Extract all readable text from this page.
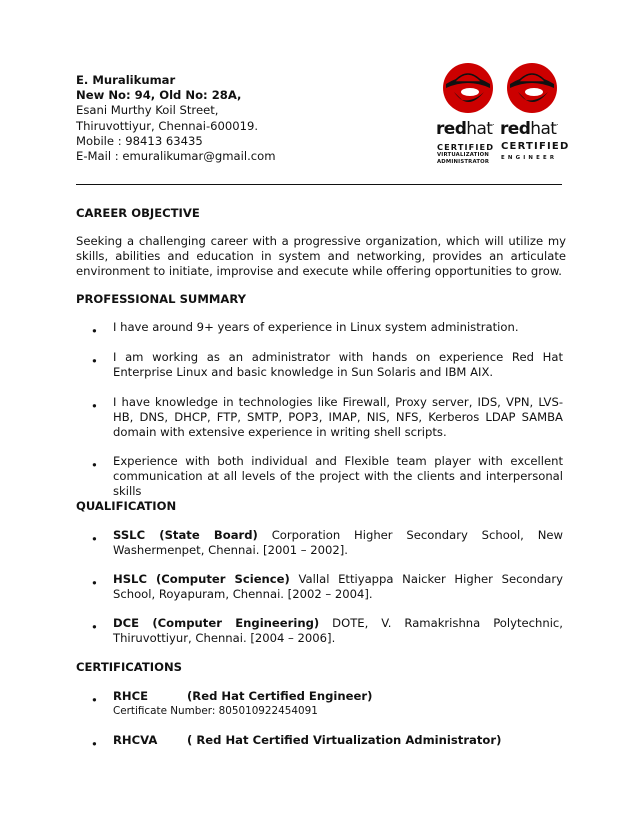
E. Muralikumar
New No: 94, Old No: 28A,
Esani Murthy Koil Street,
Thiruvottiyur, Chennai-600019.
Mobile : 98413 63435
E-Mail : emuralikumar@gmail.com
redhat.
CERTIFIED
VIRTUALIZATION
ADMINISTRATOR
redhat.
CERTIFIED
ENGINEER
CAREER OBJECTIVE
Seeking a challenging career with a progressive organization, which will utilize my skills, abilities and education in system and networking, provides an articulate environment to initiate, improvise and execute while offering opportunities to grow.
PROFESSIONAL SUMMARY
• I have around 9+ years of experience in Linux system administration.
• I am working as an administrator with hands on experience Red Hat Enterprise Linux and basic knowledge in Sun Solaris and IBM AIX.
• I have knowledge in technologies like Firewall, Proxy server, IDS, VPN, LVS-HB, DNS, DHCP, FTP, SMTP, POP3, IMAP, NIS, NFS, Kerberos LDAP SAMBA domain with extensive experience in writing shell scripts.
• Experience with both individual and Flexible team player with excellent communication at all levels of the project with the clients and interpersonal skills
QUALIFICATION
• SSLC (State Board) Corporation Higher Secondary School, New Washermenpet, Chennai. [2001 – 2002].
• HSLC (Computer Science) Vallal Ettiyappa Naicker Higher Secondary School, Royapuram, Chennai. [2002 – 2004].
• DCE (Computer Engineering) DOTE, V. Ramakrishna Polytechnic, Thiruvottiyur, Chennai. [2004 – 2006].
CERTIFICATIONS
• RHCE	(Red Hat Certified Engineer)
Certificate Number: 805010922454091
• RHCVA	( Red Hat Certified Virtualization Administrator)
